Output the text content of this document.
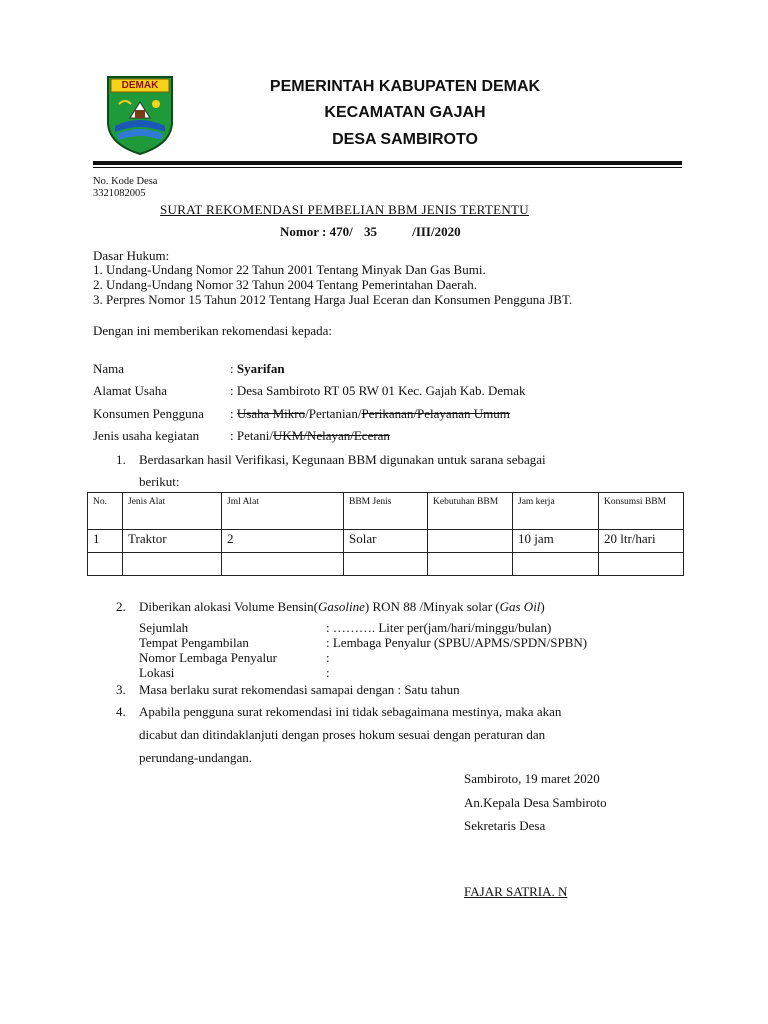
DEMAK	PEMERINTAH KABUPATEN DEMAK
KECAMATAN GAJAH
DESA SAMBIROTO
No. Kode Desa
3321082005
SURAT REKOMENDASI PEMBELIAN BBM JENIS TERTENTU
Nomor : 470/ 35	/III/2020
Dasar Hukum:
1. Undang-Undang Nomor 22 Tahun 2001 Tentang Minyak Dan Gas Bumi.
2. Undang-Undang Nomor 32 Tahun 2004 Tentang Pemerintahan Daerah.
3. Perpres Nomor 15 Tahun 2012 Tentang Harga Jual Eceran dan Konsumen Pengguna JBT.
Dengan ini memberikan rekomendasi kepada:
Nama	: Syarifan
Alamat Usaha	: Desa Sambiroto RT 05 RW 01 Kec. Gajah Kab. Demak
Konsumen Pengguna : Usaha Mikro/Pertanian/Perikanan/Pelayanan Umum
Jenis usaha kegiatan : Petani/UKM/Nelayan/Eceran
1. Berdasarkan hasil Verifikasi, Kegunaan BBM digunakan untuk sarana sebagai
berikut:
No.	Jenis Alat	Jml Alat	BBM Jenis	Kebutuhan BBM	Jam kerja	Konsumsi BBM
1	Traktor	2	Solar		10 jam	20 ltr/hari

2. Diberikan alokasi Volume Bensin(Gasoline) RON 88 /Minyak solar (Gas Oil)
Sejumlah	: ………. Liter per(jam/hari/minggu/bulan)
Tempat Pengambilan	: Lembaga Penyalur (SPBU/APMS/SPDN/SPBN)
Nomor Lembaga Penyalur	:
Lokasi	:
3. Masa berlaku surat rekomendasi samapai dengan : Satu tahun
4. Apabila pengguna surat rekomendasi ini tidak sebagaimana mestinya, maka akan
dicabut dan ditindaklanjuti dengan proses hokum sesuai dengan peraturan dan
perundang-undangan.
Sambiroto, 19 maret 2020
An.Kepala Desa Sambiroto
Sekretaris Desa
FAJAR SATRIA. N
